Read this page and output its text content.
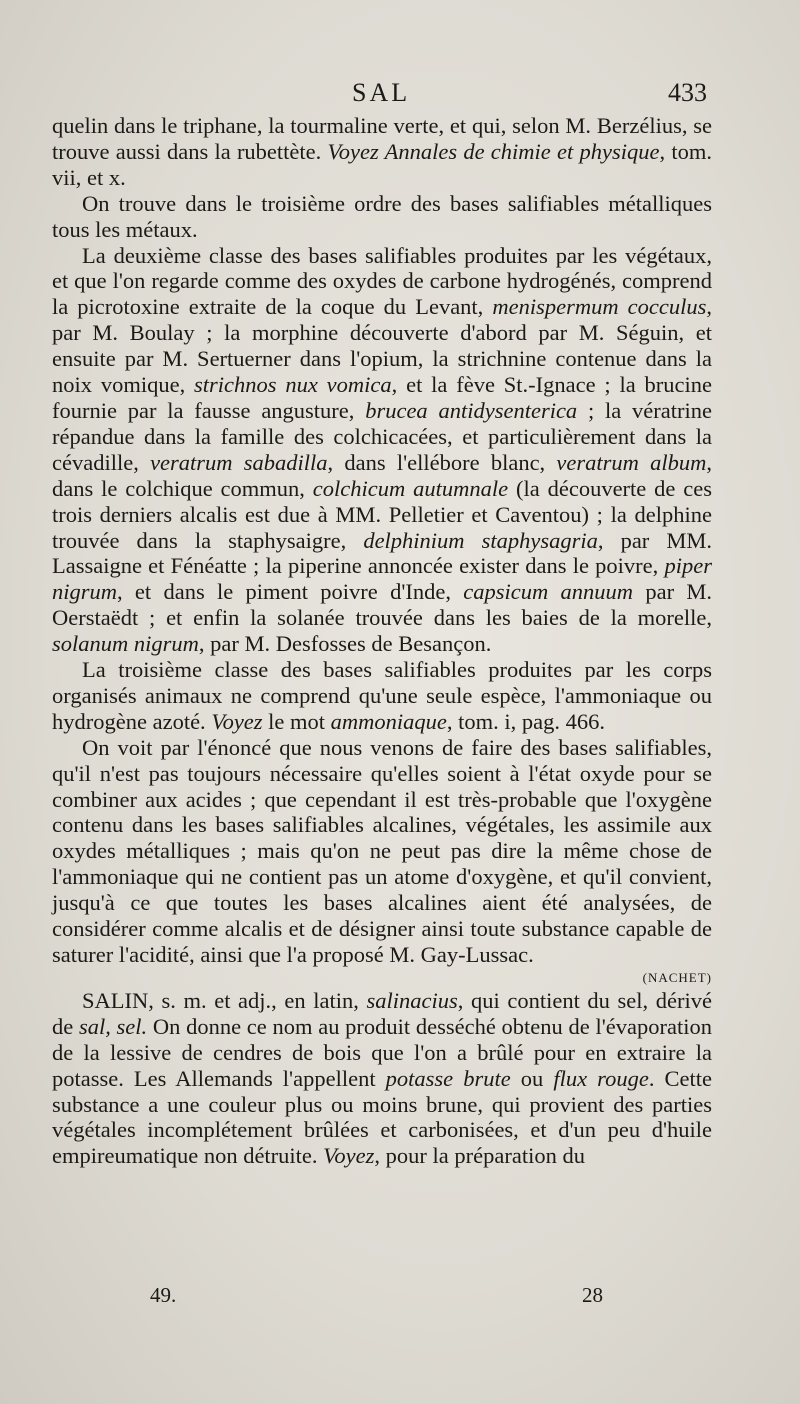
SAL	433

quelin dans le triphane, la tourmaline verte, et qui, selon M. Berzélius, se trouve aussi dans la rubettète. Voyez Annales de chimie et physique, tom. vii, et x.

On trouve dans le troisième ordre des bases salifiables métalliques tous les métaux.

La deuxième classe des bases salifiables produites par les végétaux, et que l'on regarde comme des oxydes de carbone hydrogénés, comprend la picrotoxine extraite de la coque du Levant, menispermum cocculus, par M. Boulay ; la morphine découverte d'abord par M. Séguin, et ensuite par M. Sertuerner dans l'opium, la strichnine contenue dans la noix vomique, strichnos nux vomica, et la fève St.-Ignace ; la brucine fournie par la fausse angusture, brucea antidysenterica ; la vératrine répandue dans la famille des colchicacées, et particulièrement dans la cévadille, veratrum sabadilla, dans l'ellébore blanc, veratrum album, dans le colchique commun, colchicum autumnale (la découverte de ces trois derniers alcalis est due à MM. Pelletier et Caventou) ; la delphine trouvée dans la staphysaigre, delphinium staphysagria, par MM. Lassaigne et Fénéatte ; la piperine annoncée exister dans le poivre, piper nigrum, et dans le piment poivre d'Inde, capsicum annuum par M. Oerstaëdt ; et enfin la solanée trouvée dans les baies de la morelle, solanum nigrum, par M. Desfosses de Besançon.

La troisième classe des bases salifiables produites par les corps organisés animaux ne comprend qu'une seule espèce, l'ammoniaque ou hydrogène azoté. Voyez le mot ammoniaque, tom. i, pag. 466.

On voit par l'énoncé que nous venons de faire des bases salifiables, qu'il n'est pas toujours nécessaire qu'elles soient à l'état oxyde pour se combiner aux acides ; que cependant il est très-probable que l'oxygène contenu dans les bases salifiables alcalines, végétales, les assimile aux oxydes métalliques ; mais qu'on ne peut pas dire la même chose de l'ammoniaque qui ne contient pas un atome d'oxygène, et qu'il convient, jusqu'à ce que toutes les bases alcalines aient été analysées, de considérer comme alcalis et de désigner ainsi toute substance capable de saturer l'acidité, ainsi que l'a proposé M. Gay-Lussac.

(NACHET)

SALIN, s. m. et adj., en latin, salinacius, qui contient du sel, dérivé de sal, sel. On donne ce nom au produit desséché obtenu de l'évaporation de la lessive de cendres de bois que l'on a brûlé pour en extraire la potasse. Les Allemands l'appellent potasse brute ou flux rouge. Cette substance a une couleur plus ou moins brune, qui provient des parties végétales incomplétement brûlées et carbonisées, et d'un peu d'huile empireumatique non détruite. Voyez, pour la préparation du

49.	28
